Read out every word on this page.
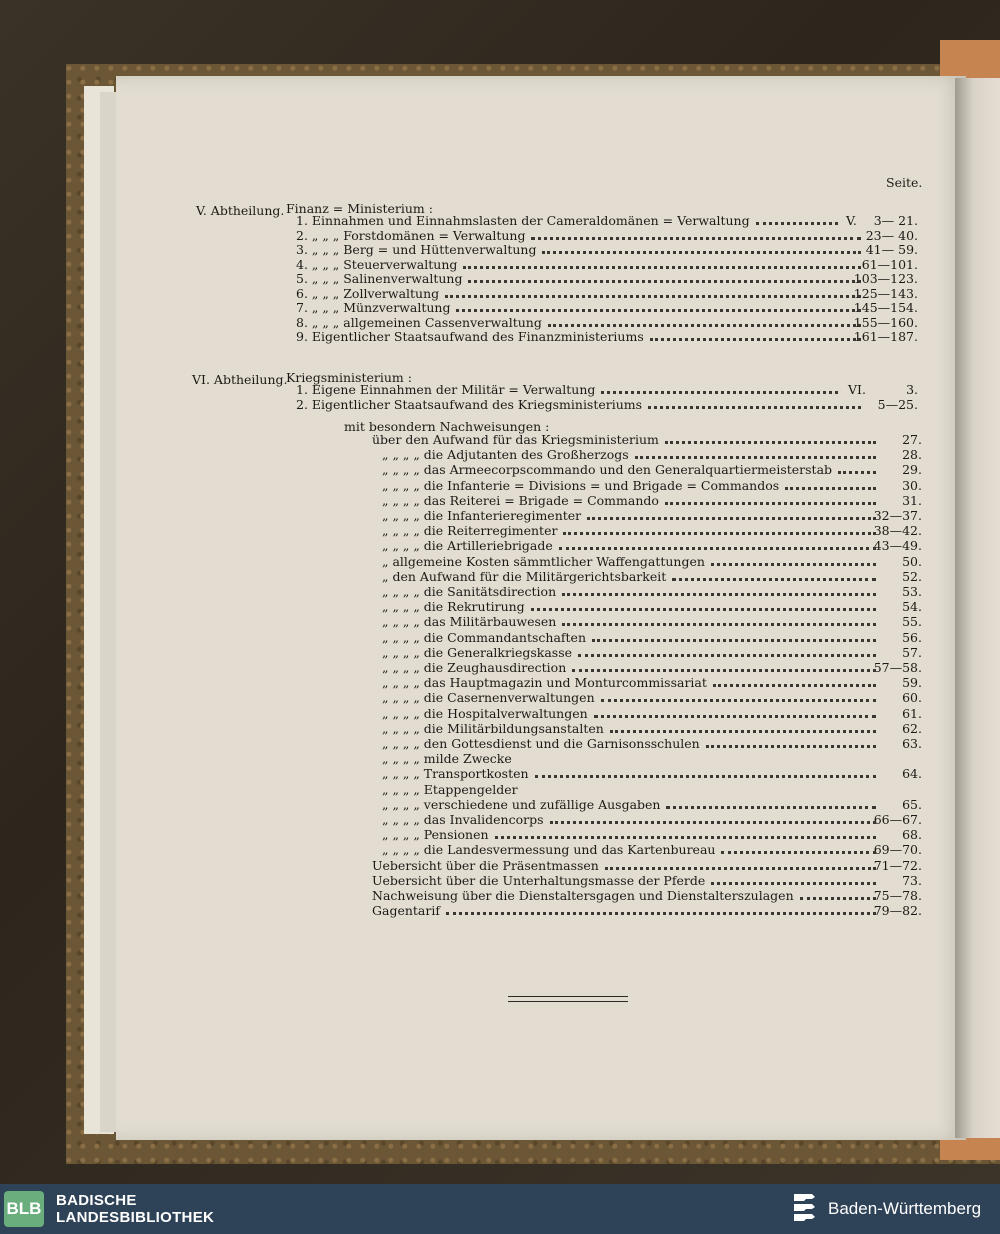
Seite.
V. Abtheilung. Finanz = Ministerium :
1. Einnahmen und Einnahmslasten der Cameraldomänen = Verwaltung	V.	3— 21.
2. „ „ „ Forstdomänen = Verwaltung	23— 40.
3. „ „ „ Berg = und Hüttenverwaltung	41— 59.
4. „ „ „ Steuerverwaltung	61—101.
5. „ „ „ Salinenverwaltung	103—123.
6. „ „ „ Zollverwaltung	125—143.
7. „ „ „ Münzverwaltung	145—154.
8. „ „ „ allgemeinen Cassenverwaltung	155—160.
9. Eigentlicher Staatsaufwand des Finanzministeriums	161—187.
VI. Abtheilung.
Kriegsministerium :
1. Eigene Einnahmen der Militär = Verwaltung	VI.	3.
2. Eigentlicher Staatsaufwand des Kriegsministeriums	5—25.
mit besondern Nachweisungen :
über den Aufwand für das Kriegsministerium	27.
„ „ „ „ die Adjutanten des Großherzogs	28.
„ „ „ „ das Armeecorpscommando und den Generalquartiermeisterstab	29.
„ „ „ „ die Infanterie = Divisions = und Brigade = Commandos	30.
„ „ „ „ das Reiterei = Brigade = Commando	31.
„ „ „ „ die Infanterieregimenter	32—37.
„ „ „ „ die Reiterregimenter	38—42.
„ „ „ „ die Artilleriebrigade	43—49.
„ allgemeine Kosten sämmtlicher Waffengattungen	50.
„ den Aufwand für die Militärgerichtsbarkeit	52.
„ „ „ „ die Sanitätsdirection	53.
„ „ „ „ die Rekrutirung	54.
„ „ „ „ das Militärbauwesen	55.
„ „ „ „ die Commandantschaften	56.
„ „ „ „ die Generalkriegskasse	57.
„ „ „ „ die Zeughausdirection	57—58.
„ „ „ „ das Hauptmagazin und Monturcommissariat	59.
„ „ „ „ die Casernenverwaltungen	60.
„ „ „ „ die Hospitalverwaltungen	61.
„ „ „ „ die Militärbildungsanstalten	62.
„ „ „ „ den Gottesdienst und die Garnisonsschulen	63.
„ „ „ „ milde Zwecke
„ „ „ „ Transportkosten	64.
„ „ „ „ Etappengelder
„ „ „ „ verschiedene und zufällige Ausgaben	65.
„ „ „ „ das Invalidencorps	66—67.
„ „ „ „ Pensionen	68.
„ „ „ „ die Landesvermessung und das Kartenbureau	69—70.
Uebersicht über die Präsentmassen	71—72.
Uebersicht über die Unterhaltungsmasse der Pferde	73.
Nachweisung über die Dienstaltersgagen und Dienstalterszulagen	75—78.
Gagentarif	79—82.
BLB BADISCHE
LANDESBIBLIOTHEK	Baden-Württemberg
